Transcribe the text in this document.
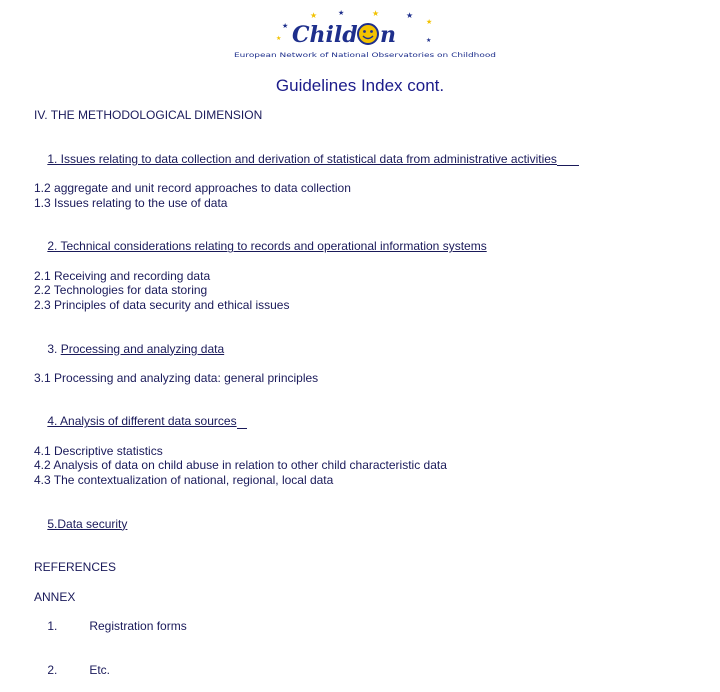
★	★	★	★
★
★
★	★
Child n
European Network of National Observatories on Childhood
Guidelines Index cont.
IV. THE METHODOLOGICAL DIMENSION

1. Issues relating to data collection and derivation of statistical data from administrative activities

1.2 aggregate and unit record approaches to data collection
1.3 Issues relating to the use of data

2. Technical considerations relating to records and operational information systems

2.1 Receiving and recording data
2.2 Technologies for data storing
2.3 Principles of data security and ethical issues

3. Processing and analyzing data

3.1 Processing and analyzing data: general principles

4. Analysis of different data sources

4.1 Descriptive statistics
4.2 Analysis of data on child abuse in relation to other child characteristic data
4.3 The contextualization of national, regional, local data

5.Data security

REFERENCES
ANNEX

1.	Registration forms

2.	Etc.
